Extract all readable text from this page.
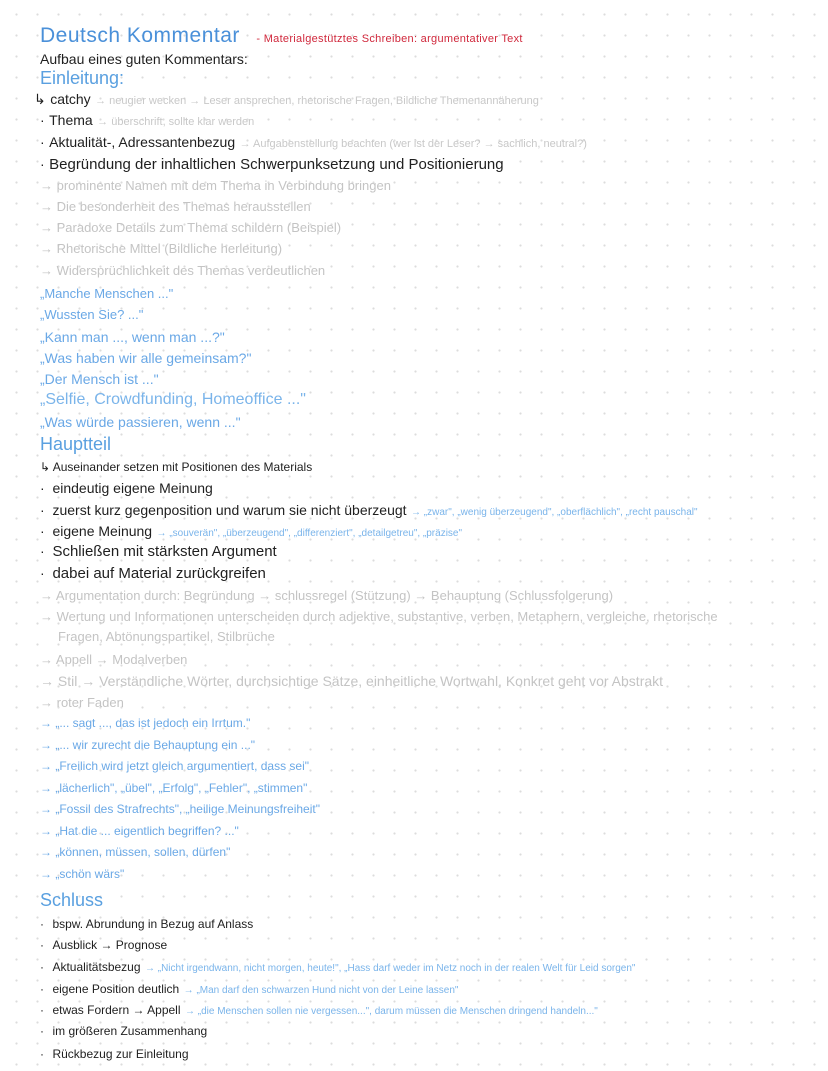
Deutsch Kommentar - Materialgestütztes Schreiben: argumentativer Text
Aufbau eines guten Kommentars:
Einleitung:
↳ catchy → neugier wecken → Leser ansprechen, rhetorische Fragen, Bildliche Themenannäherung
· Thema → überschrift, sollte klar werden
· Aktualität-, Adressantenbezug → Aufgabenstellung beachten (wer ist der Leser? → sachlich, neutral?)
· Begründung der inhaltlichen Schwerpunksetzung und Positionierung
→ prominente Namen mit dem Thema in Verbindung bringen
→ Die besonderheit des Themas herausstellen
→ Paradoxe Details zum Thema schildern (Beispiel)
→ Rhetorische Mittel (Bildliche herleitung)
→ Widersprüchlichkeit des Themas verdeutlichen
„Manche Menschen ..."
„Wussten Sie? ..."
„Kann man ..., wenn man ...?"
„Was haben wir alle gemeinsam?"
„Der Mensch ist ..."
„Selfie, Crowdfunding, Homeoffice ..."
„Was würde passieren, wenn ..."
Hauptteil
↳ Auseinander setzen mit Positionen des Materials
· eindeutig eigene Meinung
· zuerst kurz gegenposition und warum sie nicht überzeugt → „zwar", „wenig überzeugend", „oberflächlich", „recht pauschal"
· eigene Meinung → „souverän", „überzeugend", „differenziert", „detailgetreu", „präzise"
· Schließen mit stärksten Argument
· dabei auf Material zurückgreifen
→ Argumentation durch: Begründung → schlussregel (Stützung) → Behauptung (Schlussfolgerung)
→ Wertung und Informationen unterscheiden durch adjektive, substantive, verben, Metaphern, vergleiche, rhetorische
Fragen, Abtönungspartikel, Stilbrüche
→ Appell → Modalverben
→ Stil → Verständliche Wörter, durchsichtige Sätze, einheitliche Wortwahl, Konkret geht vor Abstrakt
→ roter Faden
→ „... sagt ..., das ist jedoch ein Irrtum."
→ „... wir zurecht die Behauptung ein ..."
→ „Freilich wird jetzt gleich argumentiert, dass sei"
→ „lächerlich", „übel", „Erfolg", „Fehler", „stimmen"
→ „Fossil des Strafrechts", „heilige Meinungsfreiheit"
→ „Hat die ... eigentlich begriffen? ..."
→ „können, müssen, sollen, dürfen"
→ „schön wärs"
Schluss
· bspw. Abrundung in Bezug auf Anlass
· Ausblick → Prognose
· Aktualitätsbezug → „Nicht irgendwann, nicht morgen, heute!", „Hass darf weder im Netz noch in der realen Welt für Leid sorgen"
· eigene Position deutlich → „Man darf den schwarzen Hund nicht von der Leine lassen"
· etwas Fordern → Appell → „die Menschen sollen nie vergessen...", darum müssen die Menschen dringend handeln..."
· im größeren Zusammenhang
· Rückbezug zur Einleitung
